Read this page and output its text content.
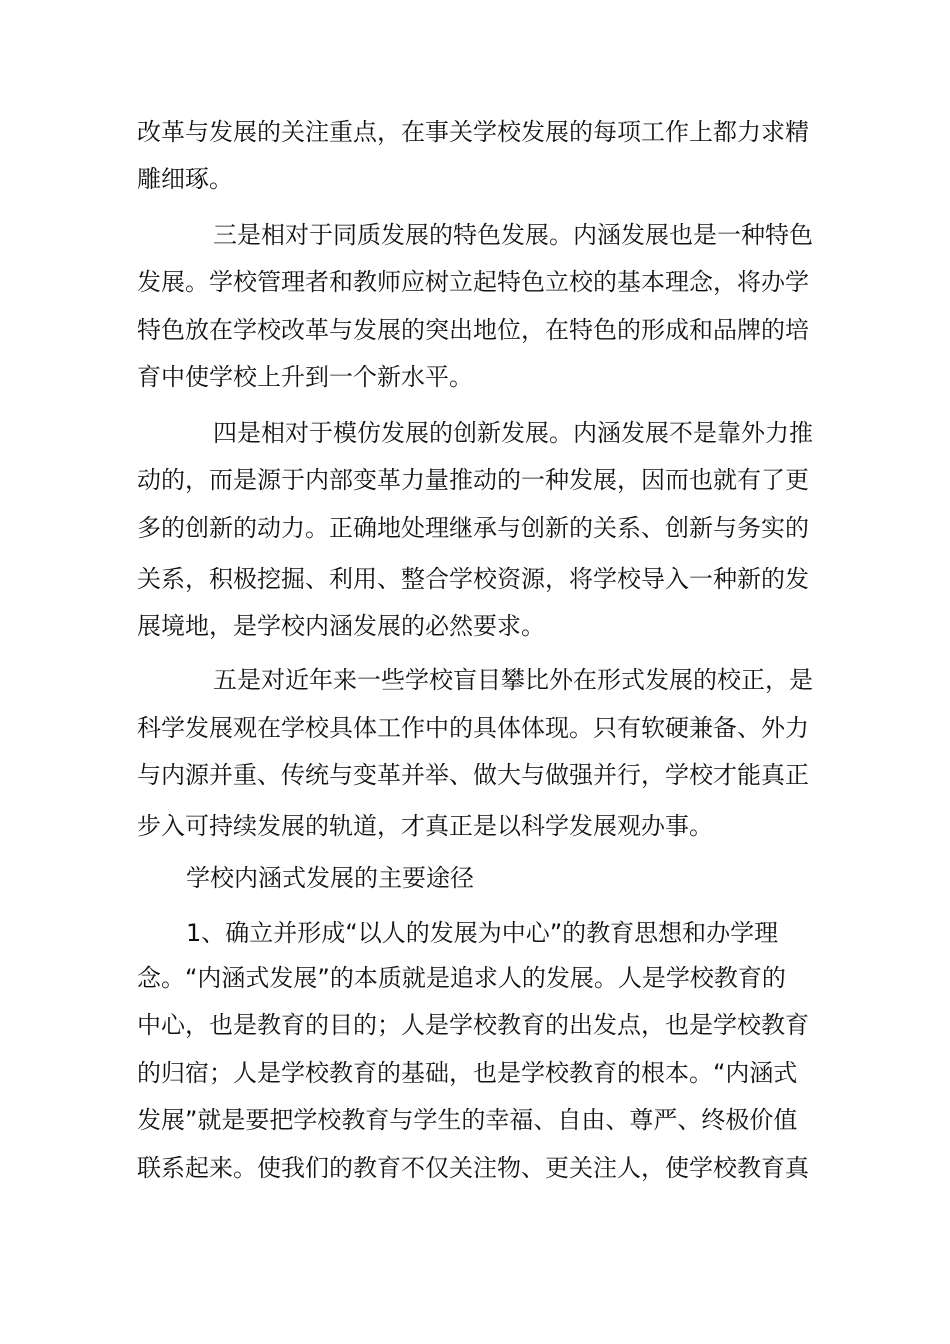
改革与发展的关注重点，在事关学校发展的每项工作上都力求精
雕细琢。
三是相对于同质发展的特色发展。内涵发展也是一种特色
发展。学校管理者和教师应树立起特色立校的基本理念，将办学
特色放在学校改革与发展的突出地位，在特色的形成和品牌的培
育中使学校上升到一个新水平。
四是相对于模仿发展的创新发展。内涵发展不是靠外力推
动的，而是源于内部变革力量推动的一种发展，因而也就有了更
多的创新的动力。正确地处理继承与创新的关系、创新与务实的
关系，积极挖掘、利用、整合学校资源，将学校导入一种新的发
展境地，是学校内涵发展的必然要求。
五是对近年来一些学校盲目攀比外在形式发展的校正，是
科学发展观在学校具体工作中的具体体现。只有软硬兼备、外力
与内源并重、传统与变革并举、做大与做强并行，学校才能真正
步入可持续发展的轨道，才真正是以科学发展观办事。
学校内涵式发展的主要途径
1、确立并形成“以人的发展为中心”的教育思想和办学理
念。“内涵式发展”的本质就是追求人的发展。人是学校教育的
中心，也是教育的目的；人是学校教育的出发点，也是学校教育
的归宿；人是学校教育的基础，也是学校教育的根本。“内涵式
发展”就是要把学校教育与学生的幸福、自由、尊严、终极价值
联系起来。使我们的教育不仅关注物、更关注人，使学校教育真
